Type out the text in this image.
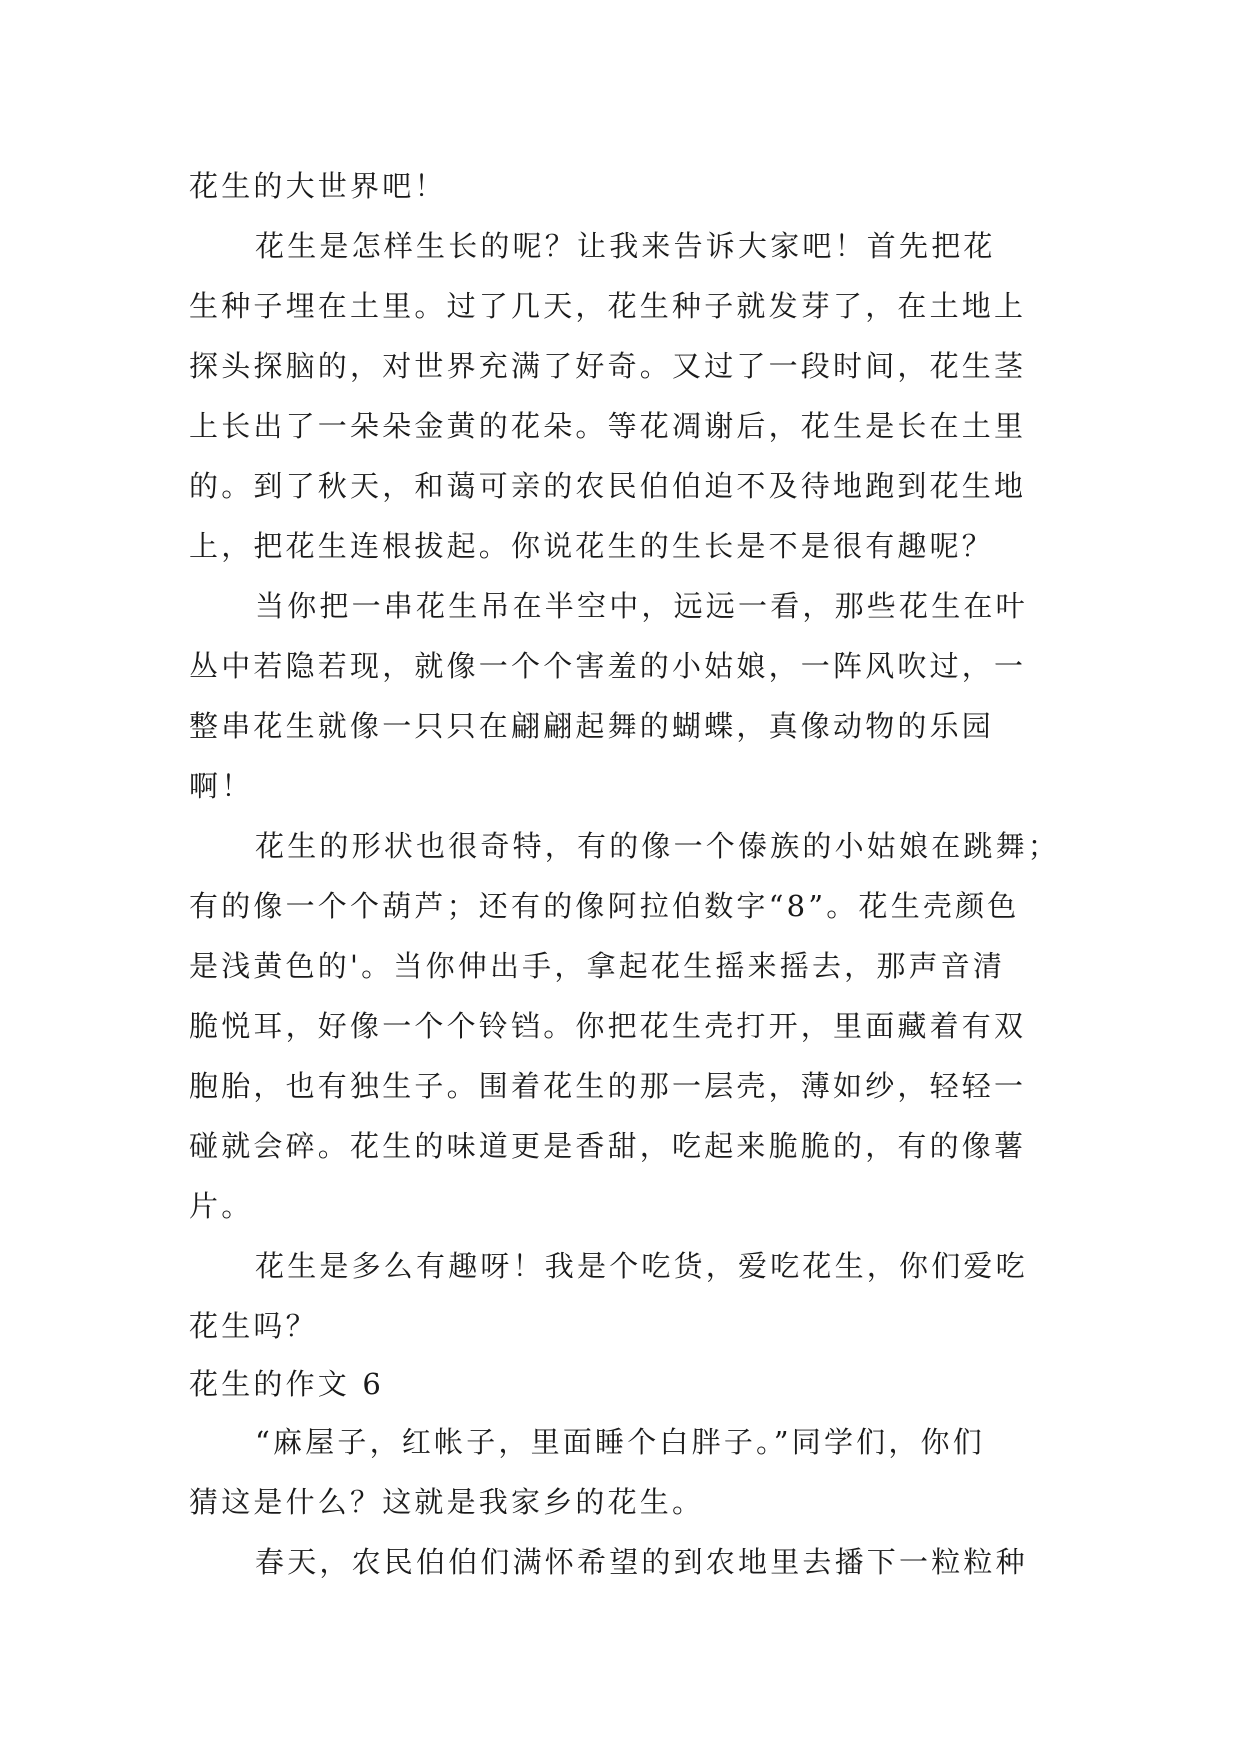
花生的大世界吧！
花生是怎样生长的呢？让我来告诉大家吧！首先把花
生种子埋在土里。过了几天，花生种子就发芽了，在土地上
探头探脑的，对世界充满了好奇。又过了一段时间，花生茎
上长出了一朵朵金黄的花朵。等花凋谢后，花生是长在土里
的。到了秋天，和蔼可亲的农民伯伯迫不及待地跑到花生地
上，把花生连根拔起。你说花生的生长是不是很有趣呢？
当你把一串花生吊在半空中，远远一看，那些花生在叶
丛中若隐若现，就像一个个害羞的小姑娘，一阵风吹过，一
整串花生就像一只只在翩翩起舞的蝴蝶，真像动物的乐园
啊！
花生的形状也很奇特，有的像一个傣族的小姑娘在跳舞；
有的像一个个葫芦；还有的像阿拉伯数字“8”。花生壳颜色
是浅黄色的'。当你伸出手，拿起花生摇来摇去，那声音清
脆悦耳，好像一个个铃铛。你把花生壳打开，里面藏着有双
胞胎，也有独生子。围着花生的那一层壳，薄如纱，轻轻一
碰就会碎。花生的味道更是香甜，吃起来脆脆的，有的像薯
片。
花生是多么有趣呀！我是个吃货，爱吃花生，你们爱吃
花生吗？
花生的作文 6
“麻屋子，红帐子，里面睡个白胖子。”同学们，你们
猜这是什么？这就是我家乡的花生。
春天，农民伯伯们满怀希望的到农地里去播下一粒粒种
